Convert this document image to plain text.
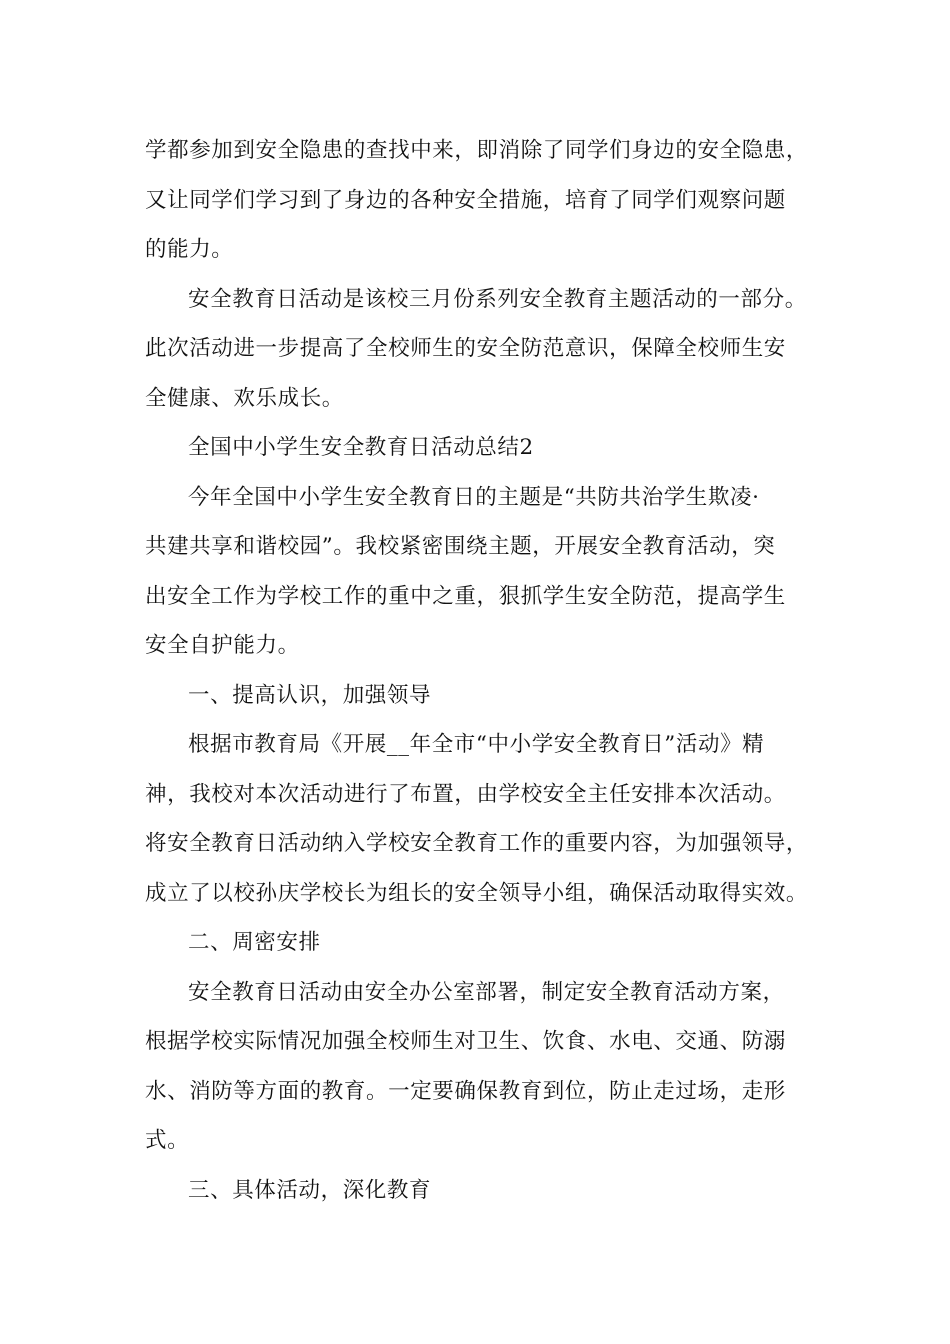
学都参加到安全隐患的查找中来，即消除了同学们身边的安全隐患，
又让同学们学习到了身边的各种安全措施，培育了同学们观察问题
的能力。
安全教育日活动是该校三月份系列安全教育主题活动的一部分。
此次活动进一步提高了全校师生的安全防范意识，保障全校师生安
全健康、欢乐成长。
全国中小学生安全教育日活动总结2
今年全国中小学生安全教育日的主题是“共防共治学生欺凌·
共建共享和谐校园”。我校紧密围绕主题，开展安全教育活动，突
出安全工作为学校工作的重中之重，狠抓学生安全防范，提高学生
安全自护能力。
一、提高认识，加强领导
根据市教育局《开展__年全市“中小学安全教育日”活动》精
神，我校对本次活动进行了布置，由学校安全主任安排本次活动。
将安全教育日活动纳入学校安全教育工作的重要内容，为加强领导，
成立了以校孙庆学校长为组长的安全领导小组，确保活动取得实效。
二、周密安排
安全教育日活动由安全办公室部署，制定安全教育活动方案，
根据学校实际情况加强全校师生对卫生、饮食、水电、交通、防溺
水、消防等方面的教育。一定要确保教育到位，防止走过场，走形
式。
三、具体活动，深化教育
